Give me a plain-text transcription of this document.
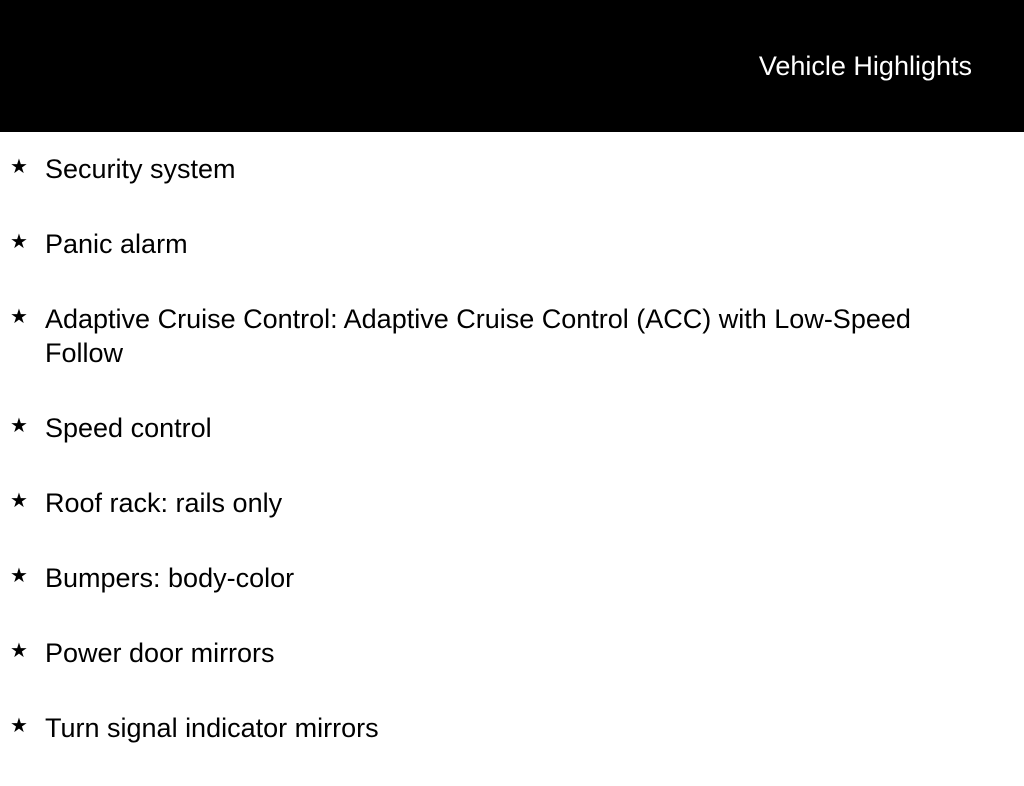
Vehicle Highlights
★ Security system
★ Panic alarm
★ Adaptive Cruise Control: Adaptive Cruise Control (ACC) with Low-Speed Follow
★ Speed control
★ Roof rack: rails only
★ Bumpers: body-color
★ Power door mirrors
★ Turn signal indicator mirrors
